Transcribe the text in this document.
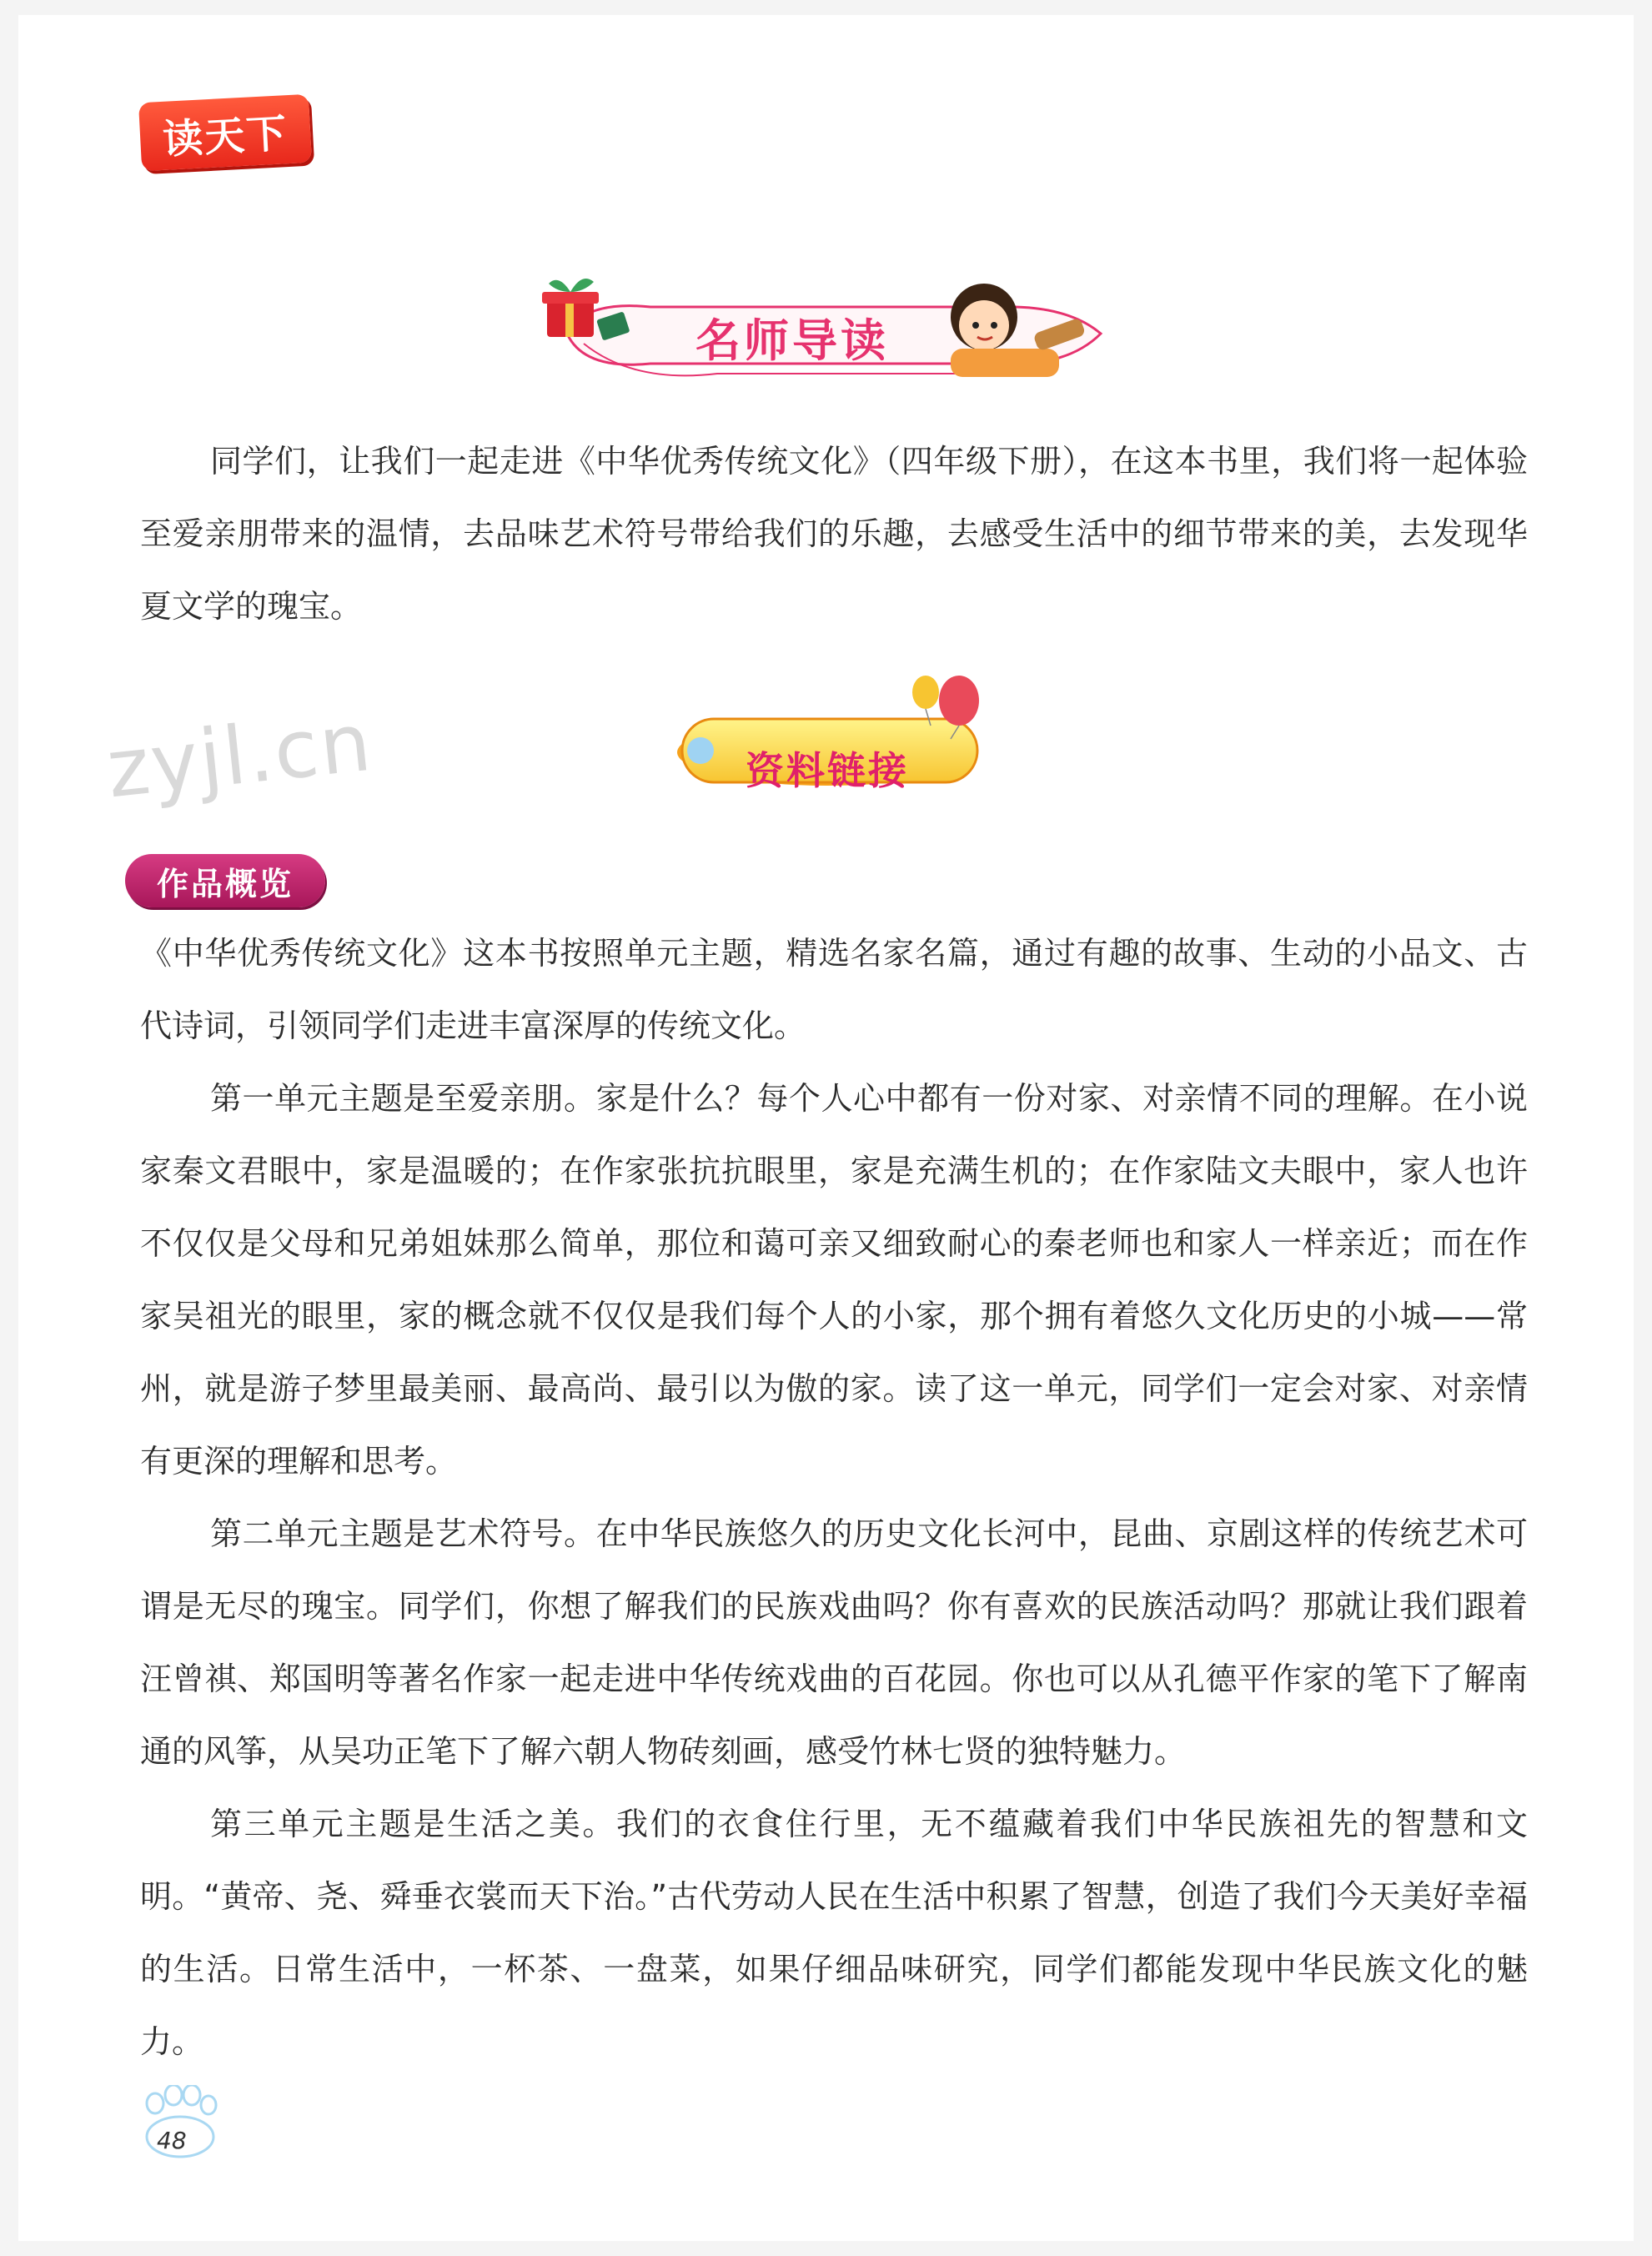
读天下
名师导读
同学们，让我们一起走进《中华优秀传统文化》（四年级下册），在这本书里，我们将一起体验至爱亲朋带来的温情，去品味艺术符号带给我们的乐趣，去感受生活中的细节带来的美，去发现华夏文学的瑰宝。
zyjl.cn	资料链接
作品概览
《中华优秀传统文化》这本书按照单元主题，精选名家名篇，通过有趣的故事、生动的小品文、古代诗词，引领同学们走进丰富深厚的传统文化。
第一单元主题是至爱亲朋。家是什么？每个人心中都有一份对家、对亲情不同的理解。在小说家秦文君眼中，家是温暖的；在作家张抗抗眼里，家是充满生机的；在作家陆文夫眼中，家人也许不仅仅是父母和兄弟姐妹那么简单，那位和蔼可亲又细致耐心的秦老师也和家人一样亲近；而在作家吴祖光的眼里，家的概念就不仅仅是我们每个人的小家，那个拥有着悠久文化历史的小城——常州，就是游子梦里最美丽、最高尚、最引以为傲的家。读了这一单元，同学们一定会对家、对亲情有更深的理解和思考。
第二单元主题是艺术符号。在中华民族悠久的历史文化长河中，昆曲、京剧这样的传统艺术可谓是无尽的瑰宝。同学们，你想了解我们的民族戏曲吗？你有喜欢的民族活动吗？那就让我们跟着汪曾祺、郑国明等著名作家一起走进中华传统戏曲的百花园。你也可以从孔德平作家的笔下了解南通的风筝，从吴功正笔下了解六朝人物砖刻画，感受竹林七贤的独特魅力。
第三单元主题是生活之美。我们的衣食住行里，无不蕴藏着我们中华民族祖先的智慧和文明。“黄帝、尧、舜垂衣裳而天下治。”古代劳动人民在生活中积累了智慧，创造了我们今天美好幸福的生活。日常生活中，一杯茶、一盘菜，如果仔细品味研究，同学们都能发现中华民族文化的魅力。
48
